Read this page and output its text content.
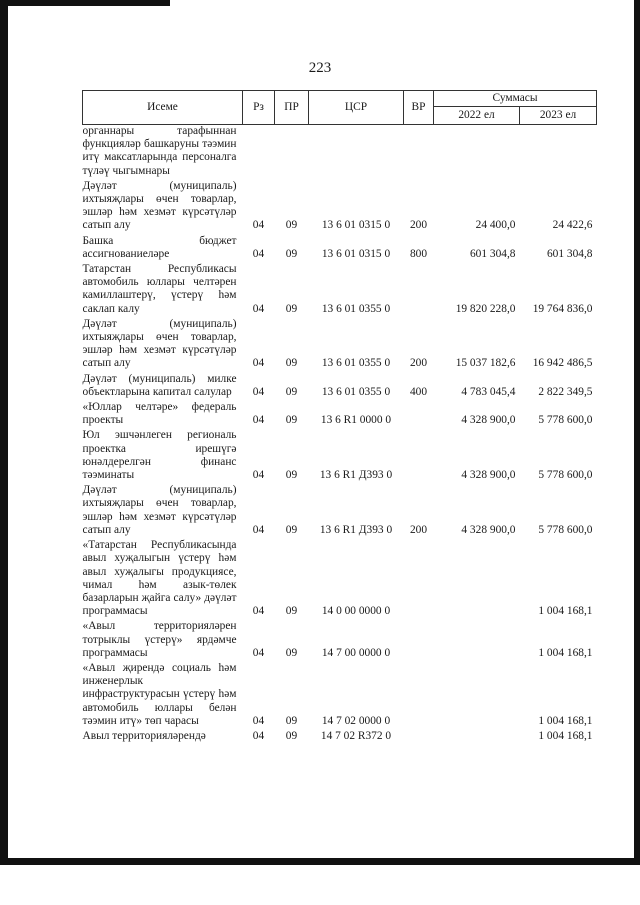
223
Исеме	Рз	ПР	ЦСР	ВР	Суммасы	
					2022 ел	2023 ел
органнары тарафыннан функцияләр башкаруны тәэмин итү максатларында персоналга түләү чыгымнары						
Дәүләт (муниципаль) ихтыяҗлары өчен товарлар, эшләр һәм хезмәт күрсәтүләр сатып алу	04	09	13 6 01 0315 0	200	24 400,0	24 422,6
Башка бюджет ассигнованиеләре	04	09	13 6 01 0315 0	800	601 304,8	601 304,8
Татарстан Республикасы автомобиль юллары челтәрен камиллаштерү, үстерү һәм саклап калу	04	09	13 6 01 0355 0		19 820 228,0	19 764 836,0
Дәүләт (муниципаль) ихтыяҗлары өчен товарлар, эшләр һәм хезмәт күрсәтүләр сатып алу	04	09	13 6 01 0355 0	200	15 037 182,6	16 942 486,5
Дәүләт (муниципаль) милке объектларына капитал салулар	04	09	13 6 01 0355 0	400	4 783 045,4	2 822 349,5
«Юллар челтәре» федераль проекты	04	09	13 6 R1 0000 0		4 328 900,0	5 778 600,0
Юл эшчәнлеген региональ проектка ирешүгә юнәлдерелгән финанс тәэминаты	04	09	13 6 R1 Д393 0		4 328 900,0	5 778 600,0
Дәүләт (муниципаль) ихтыяҗлары өчен товарлар, эшләр һәм хезмәт күрсәтүләр сатып алу	04	09	13 6 R1 Д393 0	200	4 328 900,0	5 778 600,0
«Татарстан Республикасында авыл хуҗалыгын үстерү һәм авыл хуҗалыгы продукциясе, чимал һәм азык-төлек базарларын җайга салу» дәүләт программасы	04	09	14 0 00 0000 0			1 004 168,1
«Авыл территорияләрен тотрыклы үстерү» ярдәмче программасы	04	09	14 7 00 0000 0			1 004 168,1
«Авыл җирендә социаль һәм инженерлык инфраструктурасын үстерү һәм автомобиль юллары белән тәэмин итү» төп чарасы	04	09	14 7 02 0000 0			1 004 168,1
Авыл территорияләрендә	04	09	14 7 02 R372 0			1 004 168,1
